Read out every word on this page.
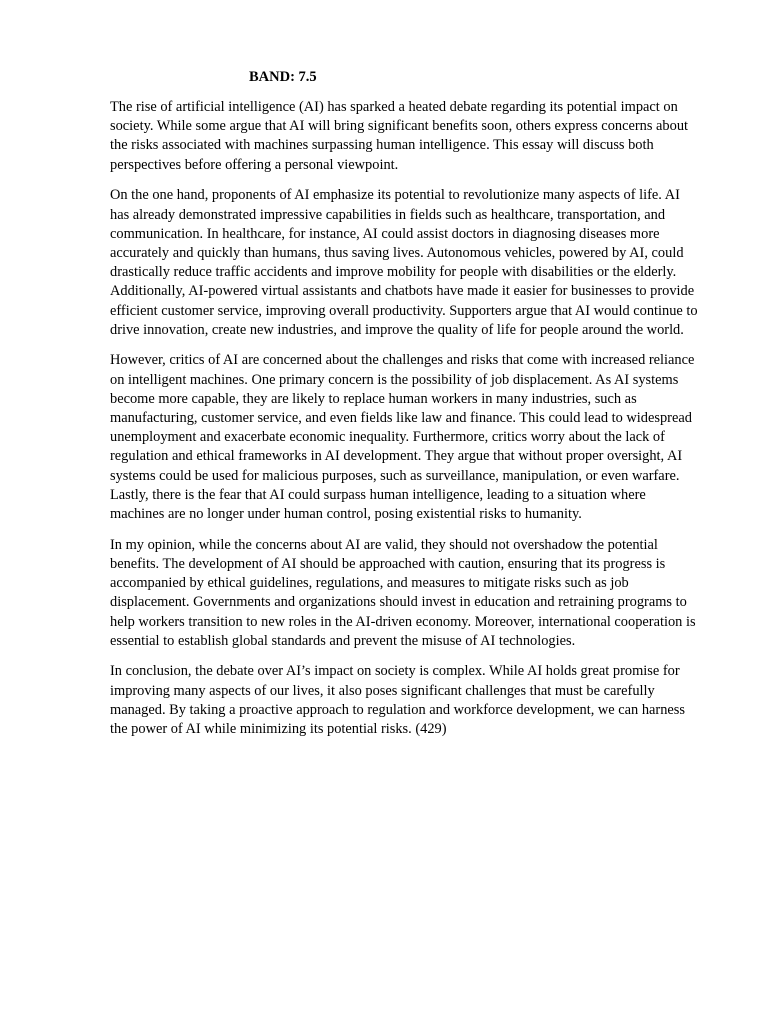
BAND: 7.5

The rise of artificial intelligence (AI) has sparked a heated debate regarding its potential impact on society. While some argue that AI will bring significant benefits soon, others express concerns about the risks associated with machines surpassing human intelligence. This essay will discuss both perspectives before offering a personal viewpoint.

On the one hand, proponents of AI emphasize its potential to revolutionize many aspects of life. AI has already demonstrated impressive capabilities in fields such as healthcare, transportation, and communication. In healthcare, for instance, AI could assist doctors in diagnosing diseases more accurately and quickly than humans, thus saving lives. Autonomous vehicles, powered by AI, could drastically reduce traffic accidents and improve mobility for people with disabilities or the elderly. Additionally, AI-powered virtual assistants and chatbots have made it easier for businesses to provide efficient customer service, improving overall productivity. Supporters argue that AI would continue to drive innovation, create new industries, and improve the quality of life for people around the world.

However, critics of AI are concerned about the challenges and risks that come with increased reliance on intelligent machines. One primary concern is the possibility of job displacement. As AI systems become more capable, they are likely to replace human workers in many industries, such as manufacturing, customer service, and even fields like law and finance. This could lead to widespread unemployment and exacerbate economic inequality. Furthermore, critics worry about the lack of regulation and ethical frameworks in AI development. They argue that without proper oversight, AI systems could be used for malicious purposes, such as surveillance, manipulation, or even warfare. Lastly, there is the fear that AI could surpass human intelligence, leading to a situation where machines are no longer under human control, posing existential risks to humanity.

In my opinion, while the concerns about AI are valid, they should not overshadow the potential benefits. The development of AI should be approached with caution, ensuring that its progress is accompanied by ethical guidelines, regulations, and measures to mitigate risks such as job displacement. Governments and organizations should invest in education and retraining programs to help workers transition to new roles in the AI-driven economy. Moreover, international cooperation is essential to establish global standards and prevent the misuse of AI technologies.

In conclusion, the debate over AI’s impact on society is complex. While AI holds great promise for improving many aspects of our lives, it also poses significant challenges that must be carefully managed. By taking a proactive approach to regulation and workforce development, we can harness the power of AI while minimizing its potential risks. (429)
